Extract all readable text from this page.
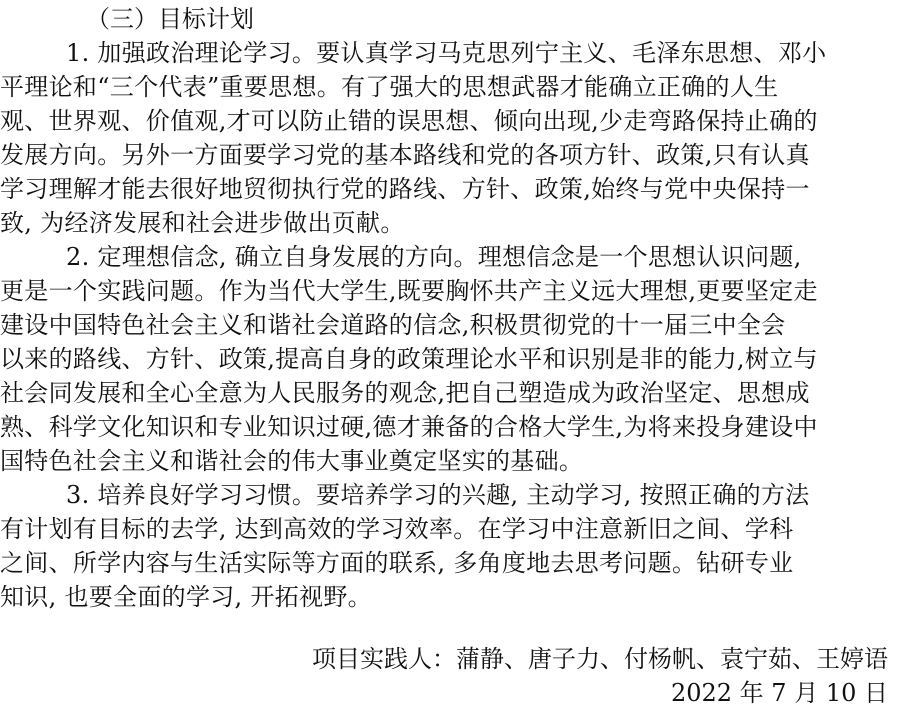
（三）目标计划

1. 加强政治理论学习。要认真学习马克思列宁主义、毛泽东思想、邓小
平理论和“三个代表”重要思想。有了强大的思想武器才能确立正确的人生
观、世界观、价值观,才可以防止错的误思想、倾向出现,少走弯路保持止确的
发展方向。另外一方面要学习党的基本路线和党的各项方针、政策,只有认真
学习理解才能去很好地贸彻执行党的路线、方针、政策,始终与党中央保持一
致, 为经济发展和社会进步做出页献。

2. 定理想信念, 确立自身发展的方向。理想信念是一个思想认识问题,
更是一个实践问题。作为当代大学生,既要胸怀共产主义远大理想,更要坚定走
建设中国特色社会主义和谐社会道路的信念,积极贯彻党的十一届三中全会
以来的路线、方针、政策,提高自身的政策理论水平和识别是非的能力,树立与
社会同发展和全心全意为人民服务的观念,把自己塑造成为政治坚定、思想成
熟、科学文化知识和专业知识过硬,德才兼备的合格大学生,为将来投身建设中
国特色社会主义和谐社会的伟大事业奠定坚实的基础。

3. 培养良好学习习惯。要培养学习的兴趣, 主动学习, 按照正确的方法
有计划有目标的去学, 达到高效的学习效率。在学习中注意新旧之间、学科
之间、所学内容与生活实际等方面的联系, 多角度地去思考问题。钻研专业
知识, 也要全面的学习, 开拓视野。

项目实践人：蒲静、唐子力、付杨帆、袁宁茹、王婷语
2022 年 7 月 10 日
